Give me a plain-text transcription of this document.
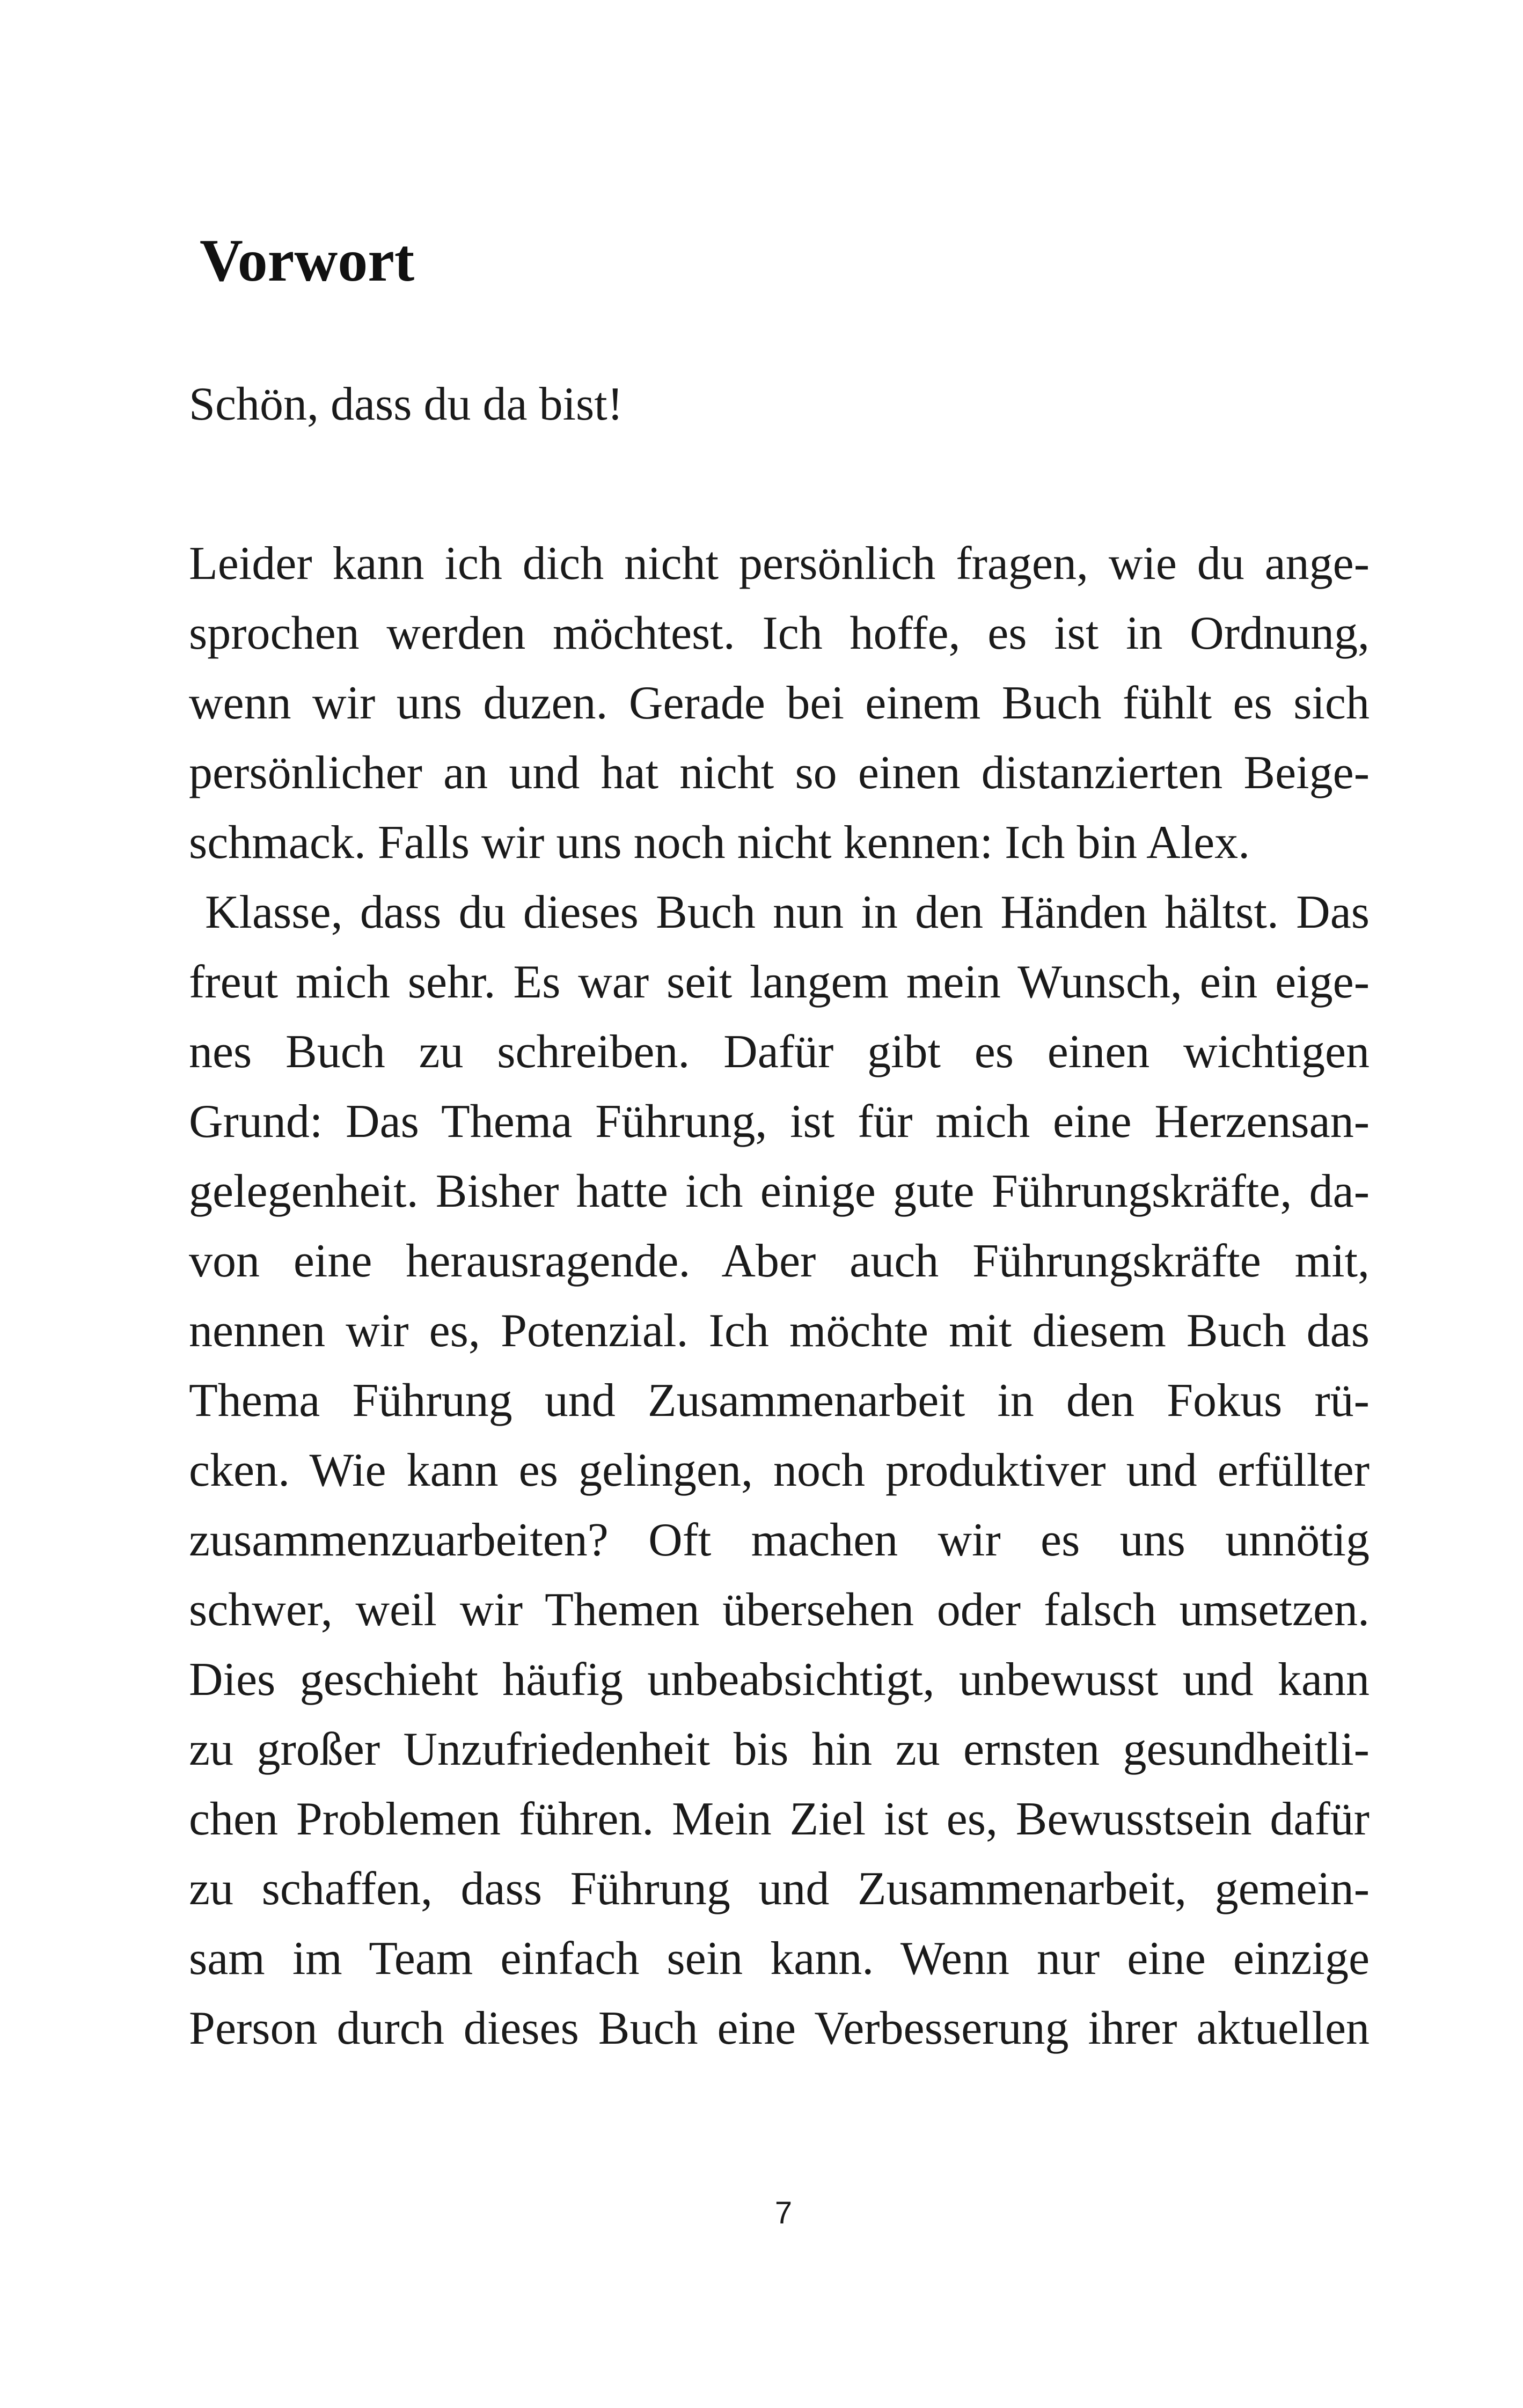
Vorwort

Schön, dass du da bist!

Leider kann ich dich nicht persönlich fragen, wie du ange-
sprochen werden möchtest. Ich hoffe, es ist in Ordnung,
wenn wir uns duzen. Gerade bei einem Buch fühlt es sich
persönlicher an und hat nicht so einen distanzierten Beige-
schmack. Falls wir uns noch nicht kennen: Ich bin Alex.
Klasse, dass du dieses Buch nun in den Händen hältst. Das
freut mich sehr. Es war seit langem mein Wunsch, ein eige-
nes Buch zu schreiben. Dafür gibt es einen wichtigen
Grund: Das Thema Führung, ist für mich eine Herzensan-
gelegenheit. Bisher hatte ich einige gute Führungskräfte, da-
von eine herausragende. Aber auch Führungskräfte mit,
nennen wir es, Potenzial. Ich möchte mit diesem Buch das
Thema Führung und Zusammenarbeit in den Fokus rü-
cken. Wie kann es gelingen, noch produktiver und erfüllter
zusammenzuarbeiten? Oft machen wir es uns unnötig
schwer, weil wir Themen übersehen oder falsch umsetzen.
Dies geschieht häufig unbeabsichtigt, unbewusst und kann
zu großer Unzufriedenheit bis hin zu ernsten gesundheitli-
chen Problemen führen. Mein Ziel ist es, Bewusstsein dafür
zu schaffen, dass Führung und Zusammenarbeit, gemein-
sam im Team einfach sein kann. Wenn nur eine einzige
Person durch dieses Buch eine Verbesserung ihrer aktuellen

7
